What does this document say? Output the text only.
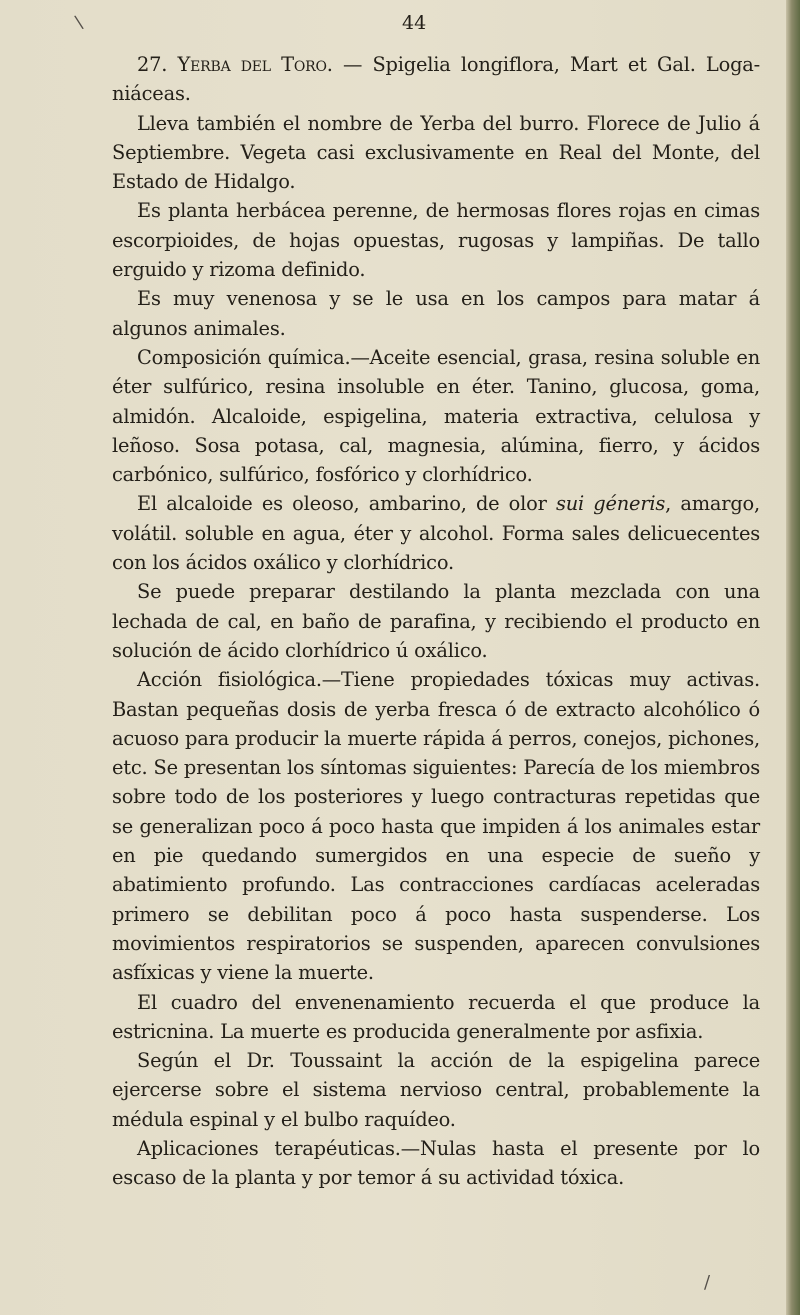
\	44

27. Yerba del Toro. — Spigelia longiflora, Mart et Gal. Loga-niáceas.

Lleva también el nombre de Yerba del burro. Florece de Julio á Septiembre. Vegeta casi exclusivamente en Real del Monte, del Estado de Hidalgo.

Es planta herbácea perenne, de hermosas flores rojas en cimas escorpioides, de hojas opuestas, rugosas y lampiñas. De tallo erguido y rizoma definido.

Es muy venenosa y se le usa en los campos para matar á algunos animales.

Composición química.—Aceite esencial, grasa, resina soluble en éter sulfúrico, resina insoluble en éter. Tanino, glucosa, goma, almidón. Alcaloide, espigelina, materia extractiva, celulosa y leñoso. Sosa potasa, cal, magnesia, alúmina, fierro, y ácidos carbónico, sulfúrico, fosfórico y clorhídrico.

El alcaloide es oleoso, ambarino, de olor sui géneris, amargo, volátil. soluble en agua, éter y alcohol. Forma sales delicuecentes con los ácidos oxálico y clorhídrico.

Se puede preparar destilando la planta mezclada con una lechada de cal, en baño de parafina, y recibiendo el producto en solución de ácido clorhídrico ú oxálico.

Acción fisiológica.—Tiene propiedades tóxicas muy activas. Bastan pequeñas dosis de yerba fresca ó de extracto alcohólico ó acuoso para producir la muerte rápida á perros, conejos, pichones, etc. Se presentan los síntomas siguientes: Parecía de los miembros sobre todo de los posteriores y luego contracturas repetidas que se generalizan poco á poco hasta que impiden á los animales estar en pie quedando sumergidos en una especie de sueño y abatimiento profundo. Las contracciones cardíacas aceleradas primero se debilitan poco á poco hasta suspenderse. Los movimientos respiratorios se suspenden, aparecen convulsiones asfíxicas y viene la muerte.

El cuadro del envenenamiento recuerda el que produce la estricnina. La muerte es producida generalmente por asfixia.

Según el Dr. Toussaint la acción de la espigelina parece ejercerse sobre el sistema nervioso central, probablemente la médula espinal y el bulbo raquídeo.

Aplicaciones terapéuticas.—Nulas hasta el presente por lo escaso de la planta y por temor á su actividad tóxica.

/
